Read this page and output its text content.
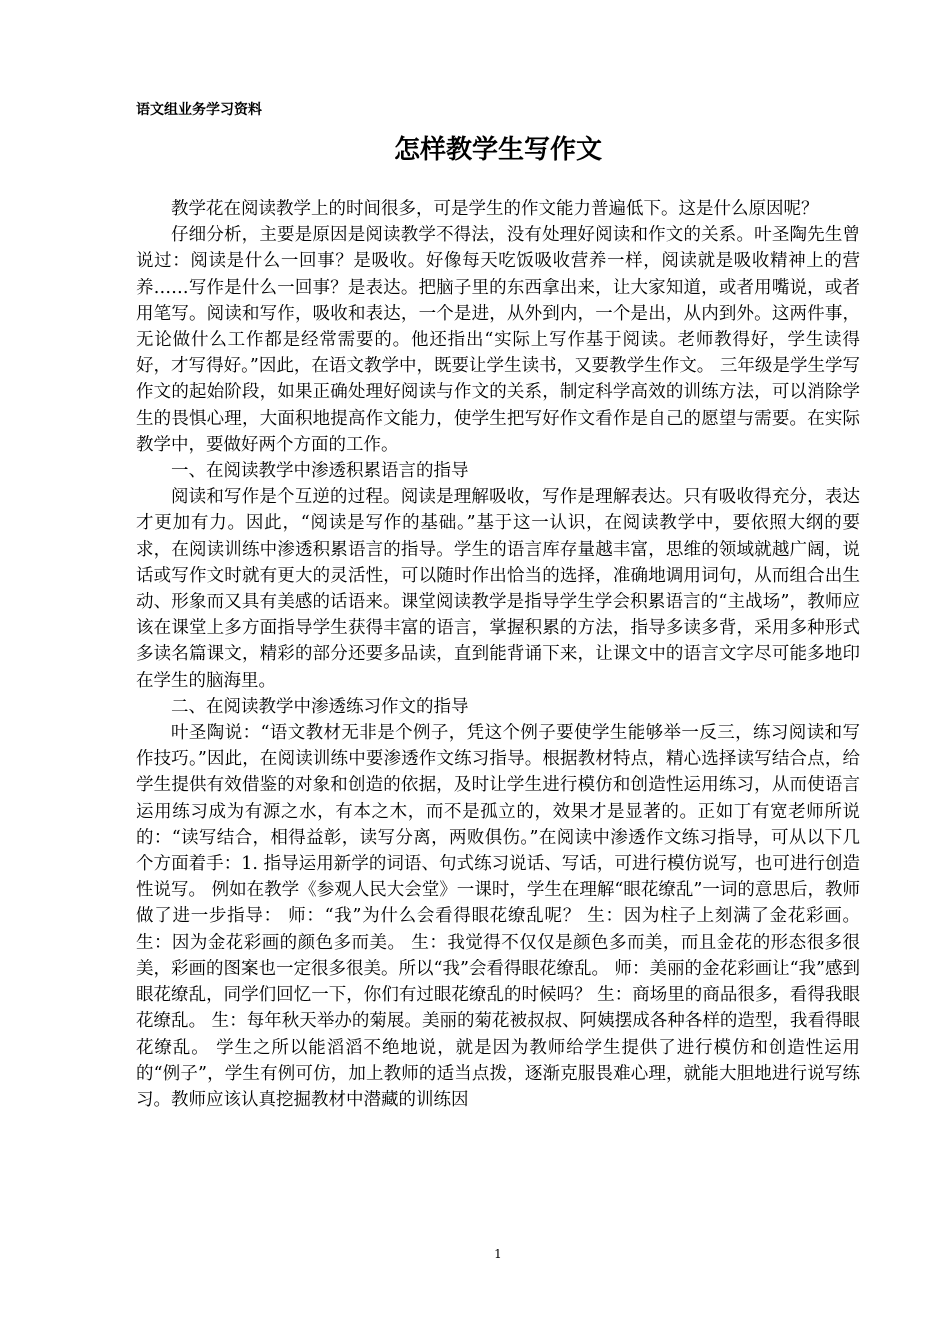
语文组业务学习资料

怎样教学生写作文

教学花在阅读教学上的时间很多，可是学生的作文能力普遍低下。这是什么原因呢？

仔细分析，主要是原因是阅读教学不得法，没有处理好阅读和作文的关系。叶圣陶先生曾说过：阅读是什么一回事？是吸收。好像每天吃饭吸收营养一样，阅读就是吸收精神上的营养……写作是什么一回事？是表达。把脑子里的东西拿出来，让大家知道，或者用嘴说，或者用笔写。阅读和写作，吸收和表达，一个是进，从外到内，一个是出，从内到外。这两件事，无论做什么工作都是经常需要的。他还指出“实际上写作基于阅读。老师教得好，学生读得好，才写得好。”因此，在语文教学中，既要让学生读书，又要教学生作文。 三年级是学生学写作文的起始阶段，如果正确处理好阅读与作文的关系，制定科学高效的训练方法，可以消除学生的畏惧心理，大面积地提高作文能力，使学生把写好作文看作是自己的愿望与需要。在实际教学中，要做好两个方面的工作。

一、在阅读教学中渗透积累语言的指导

阅读和写作是个互逆的过程。阅读是理解吸收，写作是理解表达。只有吸收得充分，表达才更加有力。因此，“阅读是写作的基础。”基于这一认识，在阅读教学中，要依照大纲的要求，在阅读训练中渗透积累语言的指导。学生的语言库存量越丰富，思维的领域就越广阔，说话或写作文时就有更大的灵活性，可以随时作出恰当的选择，准确地调用词句，从而组合出生动、形象而又具有美感的话语来。课堂阅读教学是指导学生学会积累语言的“主战场”，教师应该在课堂上多方面指导学生获得丰富的语言，掌握积累的方法，指导多读多背，采用多种形式多读名篇课文，精彩的部分还要多品读，直到能背诵下来，让课文中的语言文字尽可能多地印在学生的脑海里。

二、在阅读教学中渗透练习作文的指导

叶圣陶说：“语文教材无非是个例子，凭这个例子要使学生能够举一反三，练习阅读和写作技巧。”因此，在阅读训练中要渗透作文练习指导。根据教材特点，精心选择读写结合点，给学生提供有效借鉴的对象和创造的依据，及时让学生进行模仿和创造性运用练习，从而使语言运用练习成为有源之水，有本之木，而不是孤立的，效果才是显著的。正如丁有宽老师所说的：“读写结合，相得益彰，读写分离，两败俱伤。”在阅读中渗透作文练习指导，可从以下几个方面着手：1. 指导运用新学的词语、句式练习说话、写话，可进行模仿说写，也可进行创造性说写。 例如在教学《参观人民大会堂》一课时，学生在理解“眼花缭乱”一词的意思后，教师做了进一步指导： 师：“我”为什么会看得眼花缭乱呢？ 生：因为柱子上刻满了金花彩画。 生：因为金花彩画的颜色多而美。 生：我觉得不仅仅是颜色多而美，而且金花的形态很多很美，彩画的图案也一定很多很美。所以“我”会看得眼花缭乱。 师：美丽的金花彩画让“我”感到眼花缭乱，同学们回忆一下，你们有过眼花缭乱的时候吗？ 生：商场里的商品很多，看得我眼花缭乱。 生：每年秋天举办的菊展。美丽的菊花被叔叔、阿姨摆成各种各样的造型，我看得眼花缭乱。 学生之所以能滔滔不绝地说，就是因为教师给学生提供了进行模仿和创造性运用的“例子”，学生有例可仿，加上教师的适当点拨，逐渐克服畏难心理，就能大胆地进行说写练习。教师应该认真挖掘教材中潜藏的训练因

1
